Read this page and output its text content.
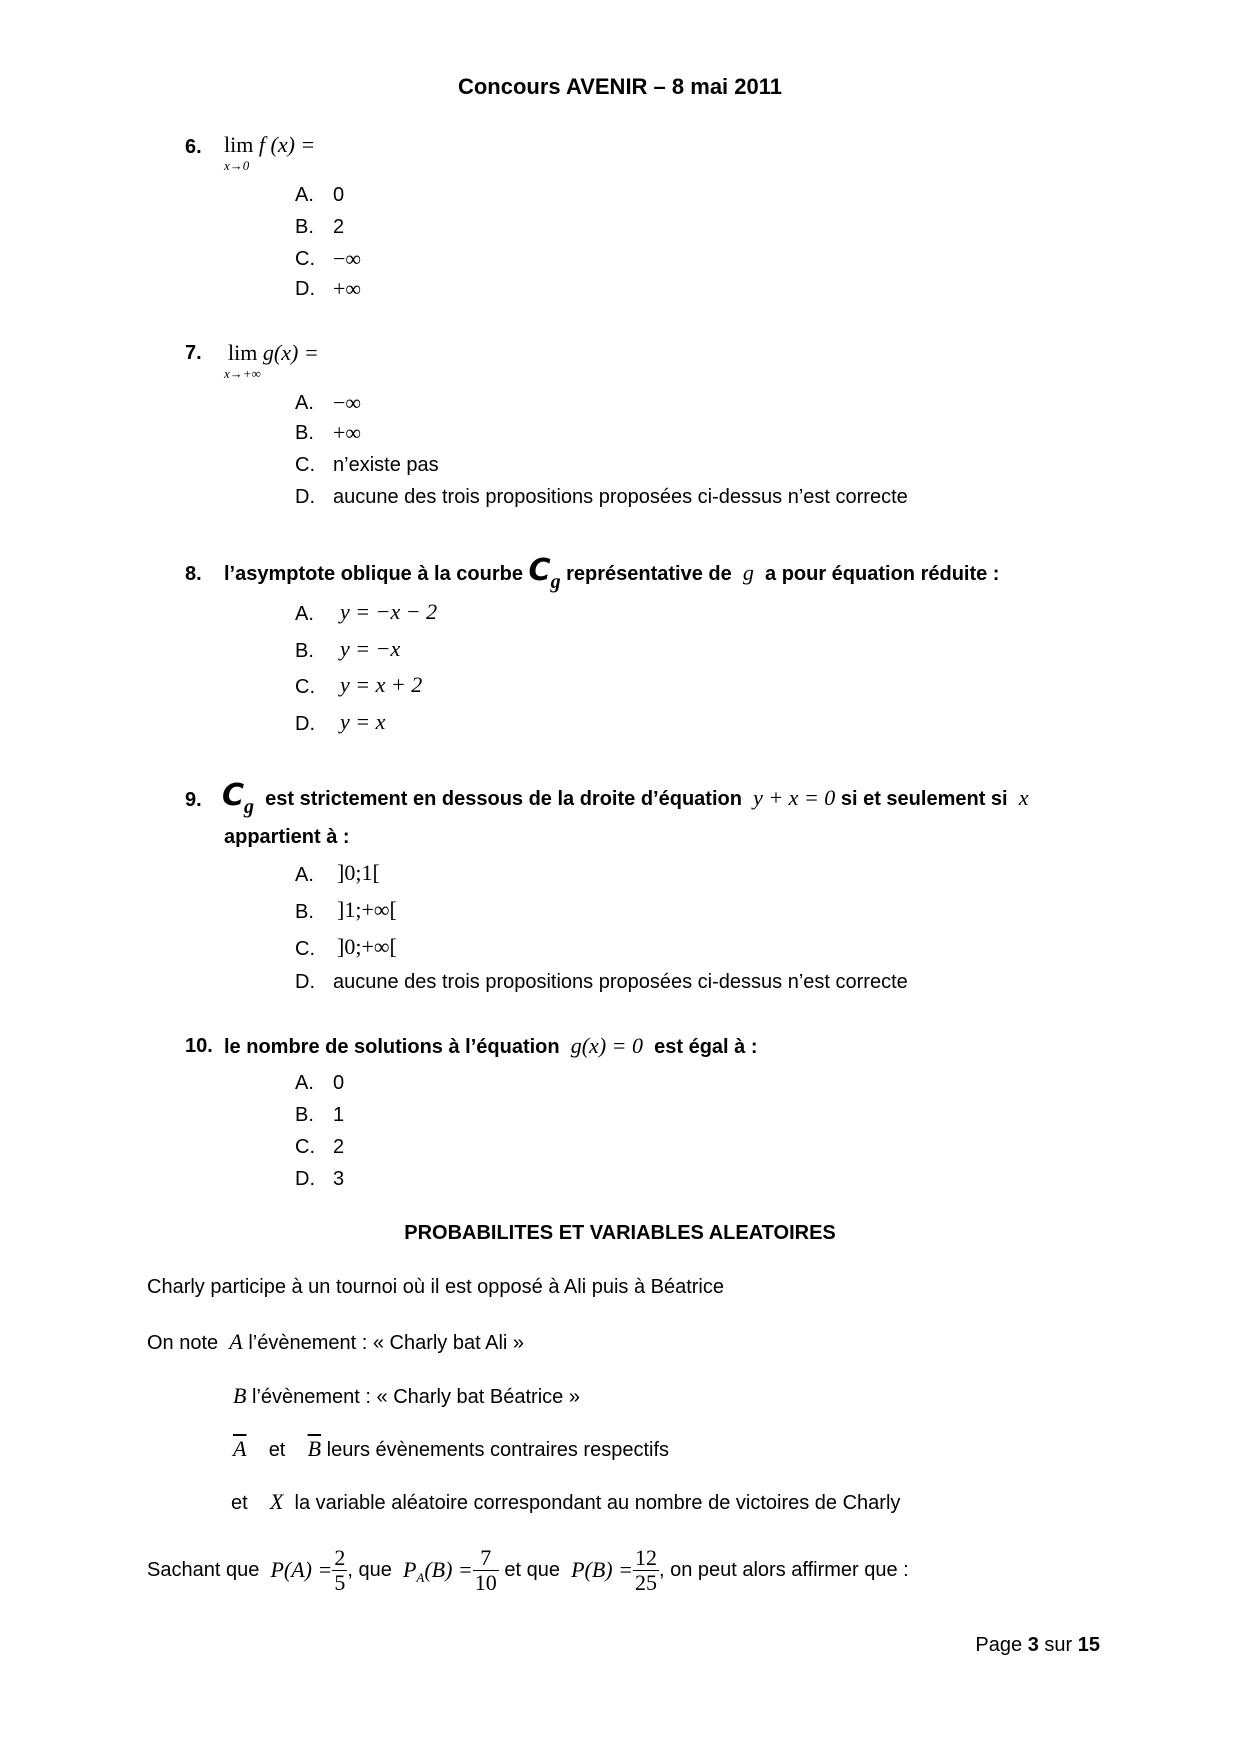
Concours AVENIR – 8 mai 2011
6. lim
x→0
f (x) =
A. 0
B. 2
C. −∞
D. +∞
7. lim
x→+∞
g(x) =
A. −∞
B. +∞
C. n’existe pas
D. aucune des trois propositions proposées ci-dessus n’est correcte
8. l’asymptote oblique à la courbe Cg représentative de g a pour équation réduite :
A. y = −x − 2
B. y = −x
C. y = x + 2
D. y = x
9. Cg est strictement en dessous de la droite d’équation y + x = 0 si et seulement si x
appartient à :
A. ]0;1[
B. ]1;+∞[
C. ]0;+∞[
D. aucune des trois propositions proposées ci-dessus n’est correcte
10. le nombre de solutions à l’équation g(x) = 0 est égal à :
A. 0
B. 1
C. 2
D. 3
PROBABILITES ET VARIABLES ALEATOIRES
Charly participe à un tournoi où il est opposé à Ali puis à Béatrice
On note A l’évènement : « Charly bat Ali »
B l’évènement : « Charly bat Béatrice »
$\overline{A}$ et $\overline{B}$ leurs évènements contraires respectifs
et X la variable aléatoire correspondant au nombre de victoires de Charly
Sachant que
$P(A) = \frac{2}{5}$ , que
$P_A(B) = \frac{7}{10}$
et que
$P(B) = \frac{12}{25}$ , on peut alors affirmer que :
Page 3 sur 15
